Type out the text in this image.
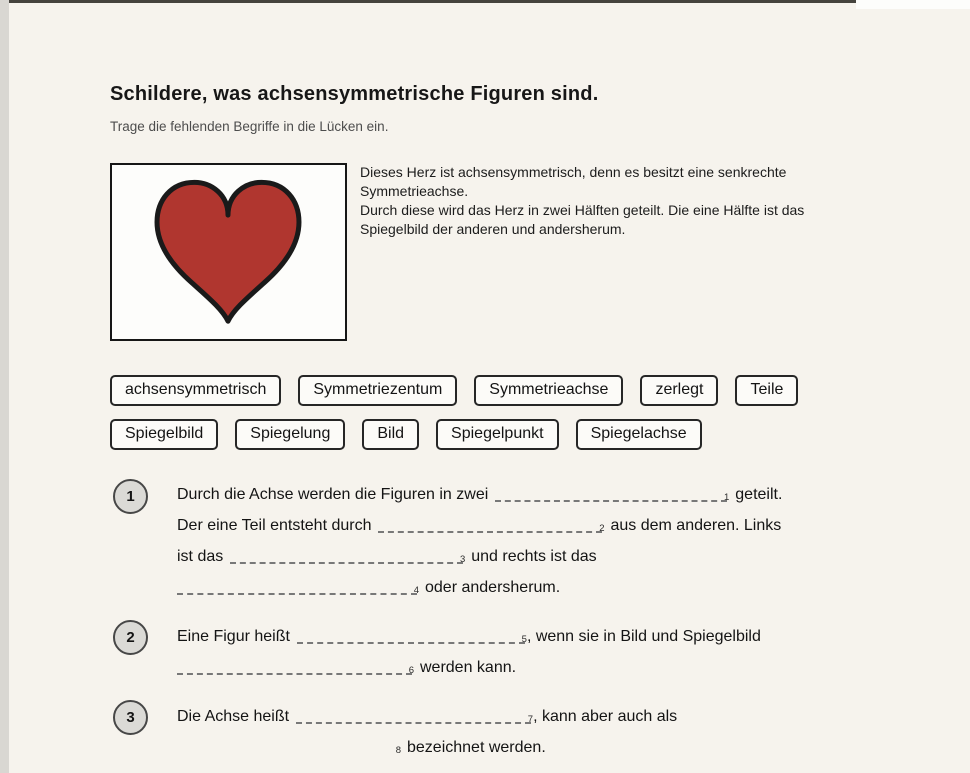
Schildere, was achsensymmetrische Figuren sind.

Trage die fehlenden Begriffe in die Lücken ein.

Dieses Herz ist achsensymmetrisch, denn es besitzt eine senkrechte
Symmetrieachse.
Durch diese wird das Herz in zwei Hälften geteilt. Die eine Hälfte ist das
Spiegelbild der anderen und andersherum.
achsensymmetrisch	Symmetriezentum	Symmetrieachse	zerlegt	Teile
Spiegelbild	Spiegelung	Bild	Spiegelpunkt	Spiegelachse
1	Durch die Achse werden die Figuren in zwei	1 geteilt.
Der eine Teil entsteht durch	2 aus dem anderen. Links
ist das	3 und rechts ist das
4 oder andersherum.
2	Eine Figur heißt	5 , wenn sie in Bild und Spiegelbild
6 werden kann.
3	Die Achse heißt	7 , kann aber auch als
8 bezeichnet werden.
